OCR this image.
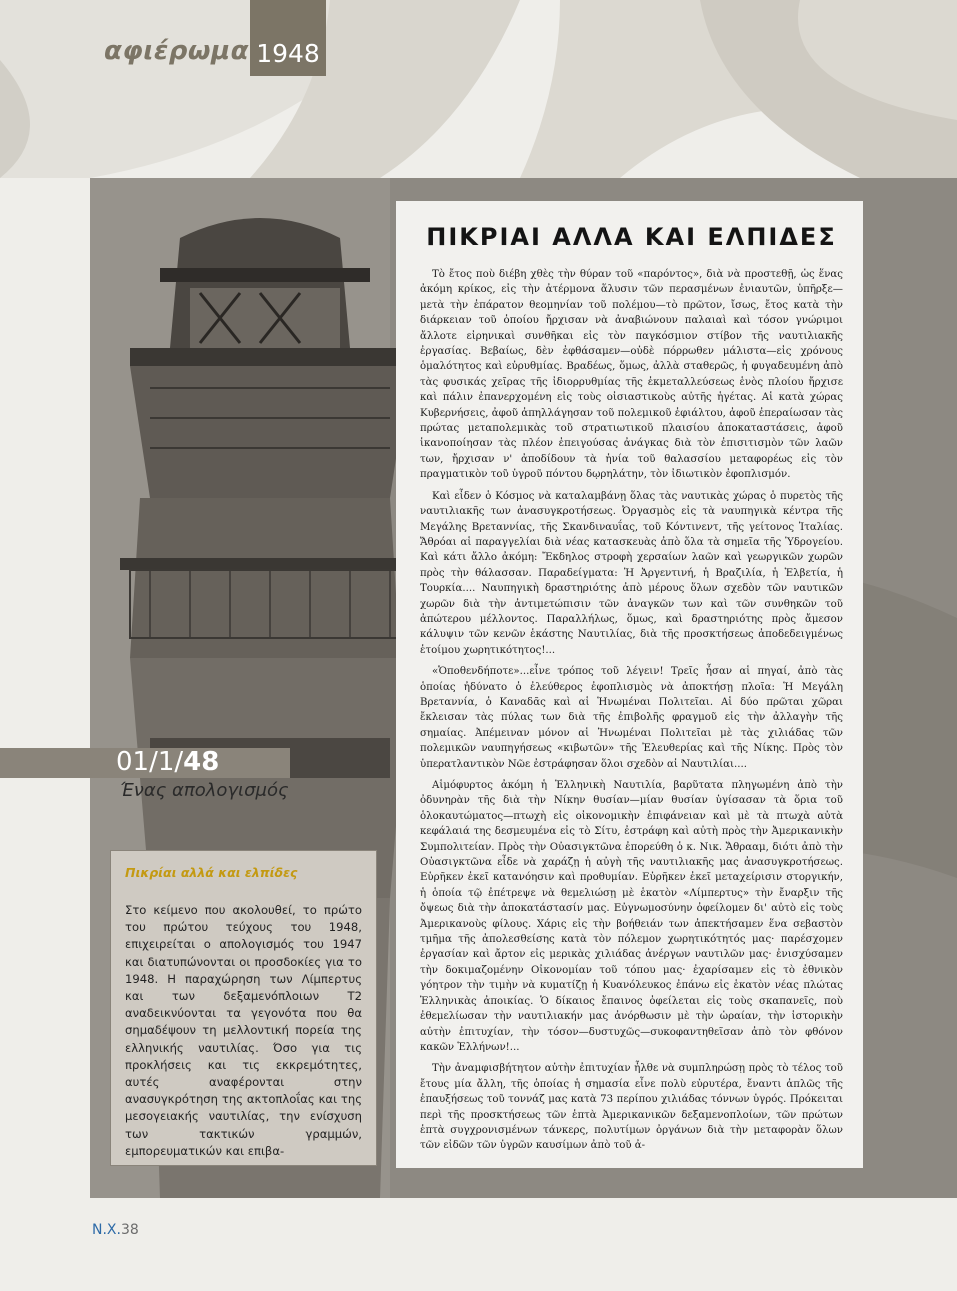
αφιέρωμα 1948
01/1/48
Ένας απολογισμός
Πικρίαι αλλά και ελπίδες
Στο κείμενο που ακολουθεί, το πρώτο του πρώτου τεύχους του 1948, επιχειρείται ο απολογισμός του 1947 και διατυπώνονται οι προσδοκίες για το 1948. Η παραχώρηση των Λίμπερτυς και των δεξαμενόπλοιων Τ2 αναδεικνύονται τα γεγονότα που θα σημαδέψουν τη μελλοντική πορεία της ελληνικής ναυτιλίας. Όσο για τις προκλήσεις και τις εκκρεμότητες, αυτές αναφέρονται στην ανασυγκρότηση της ακτοπλοΐας και της μεσογειακής ναυτιλίας, την ενίσχυση των τακτικών γραμμών, εμπορευματικών και επιβα-
ΠΙΚΡΙΑΙ ΑΛΛΑ ΚΑΙ ΕΛΠΙΔΕΣ

Τὸ ἔτος ποὺ διέβη χθὲς τὴν θύραν τοῦ «παρόντος», διὰ νὰ προστεθῇ, ὡς ἕνας ἀκόμη κρίκος, εἰς τὴν ἀτέρμονα ἅλυσιν τῶν περασμένων ἐνιαυτῶν, ὑπῆρξε—μετὰ τὴν ἐπάρατον θεομηνίαν τοῦ πολέμου—τὸ πρῶτον, ἴσως, ἔτος κατὰ τὴν διάρκειαν τοῦ ὁποίου ἤρχισαν νὰ ἀναβιώνουν παλαιαὶ καὶ τόσον γνώριμοι ἄλλοτε εἰρηνικαὶ συνθῆκαι εἰς τὸν παγκόσμιον στίβον τῆς ναυτιλιακῆς ἐργασίας. Βεβαίως, δὲν ἐφθάσαμεν—οὐδὲ πόρρωθεν μάλιστα—εἰς χρόνους ὁμαλότητος καὶ εὐρυθμίας. Βραδέως, ὅμως, ἀλλὰ σταθερῶς, ἡ φυγαδευμένη ἀπὸ τὰς φυσικάς χεῖρας τῆς ἰδιορρυθμίας τῆς ἐκμεταλλεύσεως ἑνὸς πλοίου ἤρχισε καὶ πάλιν ἐπανερχομένη εἰς τοὺς οἰσιαστικοὺς αὐτῆς ἡγέτας. Αἱ κατὰ χώρας Κυβερνήσεις, ἀφοῦ ἀπηλλάγησαν τοῦ πολεμικοῦ ἐφιάλτου, ἀφοῦ ἐπεραίωσαν τὰς πρώτας μεταπολεμικὰς τοῦ στρατιωτικοῦ πλαισίου ἀποκαταστάσεις, ἀφοῦ ἱκανοποίησαν τὰς πλέον ἐπειγούσας ἀνάγκας διὰ τὸν ἐπισιτισμὸν τῶν λαῶν των, ἤρχισαν ν' ἀποδίδουν τὰ ἡνία τοῦ θαλασσίου μεταφορέως εἰς τὸν πραγματικὸν τοῦ ὑγροῦ πόντου δῳρηλάτην, τὸν ἰδιωτικὸν ἐφοπλισμόν.

Καὶ εἶδεν ὁ Κόσμος νὰ καταλαμβάνῃ ὅλας τὰς ναυτικὰς χώρας ὁ πυρετὸς τῆς ναυτιλιακῆς των ἀνασυγκροτήσεως. Ὀργασμὸς εἰς τὰ ναυπηγικὰ κέντρα τῆς Μεγάλης Βρεταννίας, τῆς Σκανδιναυΐας, τοῦ Κόντινεντ, τῆς γείτονος Ἰταλίας. Ἄθρόαι αἱ παραγγελίαι διὰ νέας κατασκευὰς ἀπὸ ὅλα τὰ σημεῖα τῆς Ὑδρογείου. Καὶ κάτι ἄλλο ἀκόμη: Ἔκδηλος στροφὴ χερσαίων λαῶν καὶ γεωργικῶν χωρῶν πρὸς τὴν θάλασσαν. Παραδείγματα: Ἡ Ἀργεντινή, ἡ Βραζιλία, ἡ Ἑλβετία, ἡ Τουρκία.... Ναυπηγικὴ δραστηριότης ἀπὸ μέρους ὅλων σχεδὸν τῶν ναυτικῶν χωρῶν διὰ τὴν ἀντιμετώπισιν τῶν ἀναγκῶν των καὶ τῶν συνθηκῶν τοῦ ἀπώτερου μέλλοντος. Παραλλήλως, ὅμως, καὶ δραστηριότης πρὸς ἄμεσον κάλυψιν τῶν κενῶν ἑκάστης Ναυτιλίας, διὰ τῆς προσκτήσεως ἀποδεδειγμένως ἑτοίμου χωρητικότητος!...

«Ὁποθενδήποτε»...εἶνε τρόπος τοῦ λέγειν! Τρεῖς ἦσαν αἱ πηγαί, ἀπὸ τὰς ὁποίας ἠδύνατο ὁ ἐλεύθερος ἐφοπλισμὸς νὰ ἀποκτήσῃ πλοῖα: Ἡ Μεγάλη Βρεταννία, ὁ Καναδᾶς καὶ αἱ Ἡνωμέναι Πολιτεῖαι. Αἱ δύο πρῶται χῶραι ἔκλεισαν τὰς πύλας των διὰ τῆς ἐπιβολῆς φραγμοῦ εἰς τὴν ἀλλαγὴν τῆς σημαίας. Ἀπέμειναν μόνον αἱ Ἡνωμέναι Πολιτεῖαι μὲ τὰς χιλιάδας τῶν πολεμικῶν ναυπηγήσεως «κιβωτῶν» τῆς Ἐλευθερίας καὶ τῆς Νίκης. Πρὸς τὸν ὑπερατλαντικὸν Νῶε ἐστράφησαν ὅλοι σχεδὸν αἱ Ναυτιλίαι....

Αἱμόφυρτος ἀκόμη ἡ Ἑλληνικὴ Ναυτιλία, βαρῦτατα πληγωμένη ἀπὸ τὴν ὀδυνηρὰν τῆς διὰ τὴν Νίκην θυσίαν—μίαν θυσίαν ὑγίσασαν τὰ ὅρια τοῦ ὁλοκαυτώματος—πτωχὴ εἰς οἰκονομικὴν ἐπιφάνειαν καὶ μὲ τὰ πτωχὰ αὐτὰ κεφάλαιά της δεσμευμένα εἰς τὸ Σίτυ, ἐστράφη καὶ αὐτὴ πρὸς τὴν Ἀμερικανικὴν Συμπολιτείαν. Πρὸς τὴν Οὐασιγκτῶνα ἐπορεύθη ὁ κ. Νικ. Ἄθρααμ, διότι ἀπὸ τὴν Οὐασιγκτῶνα εἶδε νὰ χαράζῃ ἡ αὐγὴ τῆς ναυτιλιακῆς μας ἀνασυγκροτήσεως. Εὑρῆκεν ἐκεῖ κατανόησιν καὶ προθυμίαν. Εὑρῆκεν ἐκεῖ μεταχείρισιν στοργικήν, ἡ ὁποία τῷ ἐπέτρεψε νὰ θεμελιώσῃ μὲ ἑκατὸν «Λίμπερτυς» τὴν ἔναρξιν τῆς ὄψεως διὰ τὴν ἀποκατάστασίν μας. Εὐγνωμοσύνην ὀφείλομεν δι' αὐτὸ εἰς τοὺς Ἀμερικανοὺς φίλους. Χάρις εἰς τὴν βοήθειάν των ἀπεκτήσαμεν ἕνα σεβαστὸν τμῆμα τῆς ἀπολεσθείσης κατὰ τὸν πόλεμον χωρητικότητός μας· παρέσχομεν ἐργασίαν καὶ ἄρτον εἰς μερικὰς χιλιάδας ἀνέργων ναυτιλῶν μας· ἐνισχύσαμεν τὴν δοκιμαζομένην Οἰκονομίαν τοῦ τόπου μας· ἐχαρίσαμεν εἰς τὸ ἐθνικὸν γόητρον τὴν τιμὴν νὰ κυματίζῃ ἡ Κυανόλευκος ἐπάνω εἰς ἑκατὸν νέας πλώτας Ἑλληνικὰς ἀποικίας. Ὁ δίκαιος ἔπαινος ὀφείλεται εἰς τοὺς σκαπανεῖς, ποὺ ἐθεμελίωσαν τὴν ναυτιλιακήν μας ἀνόρθωσιν μὲ τὴν ὡραίαν, τὴν ἱστορικὴν αὐτὴν ἐπιτυχίαν, τὴν τόσον—δυστυχῶς—συκοφαντηθεῖσαν ἀπὸ τὸν φθόνον κακῶν Ἑλλήνων!...

Τὴν ἀναμφισβήτητον αὐτὴν ἐπιτυχίαν ἦλθε νὰ συμπληρώσῃ πρὸς τὸ τέλος τοῦ ἔτους μία ἄλλη, τῆς ὁποίας ἡ σημασία εἶνε πολὺ εὐρυτέρα, ἔναντι ἁπλῶς τῆς ἐπαυξήσεως τοῦ τοννάζ μας κατὰ 73 περίπου χιλιάδας τόννων ὑγρός. Πρόκειται περὶ τῆς προσκτήσεως τῶν ἑπτὰ Ἀμερικανικῶν δεξαμενοπλοίων, τῶν πρώτων ἑπτὰ συγχρονισμένων τάνκερς, πολυτίμων ὀργάνων διὰ τὴν μεταφορὰν ὅλων τῶν εἰδῶν τῶν ὑγρῶν καυσίμων ἀπὸ τοῦ ἀ-

Ν.Χ.38
